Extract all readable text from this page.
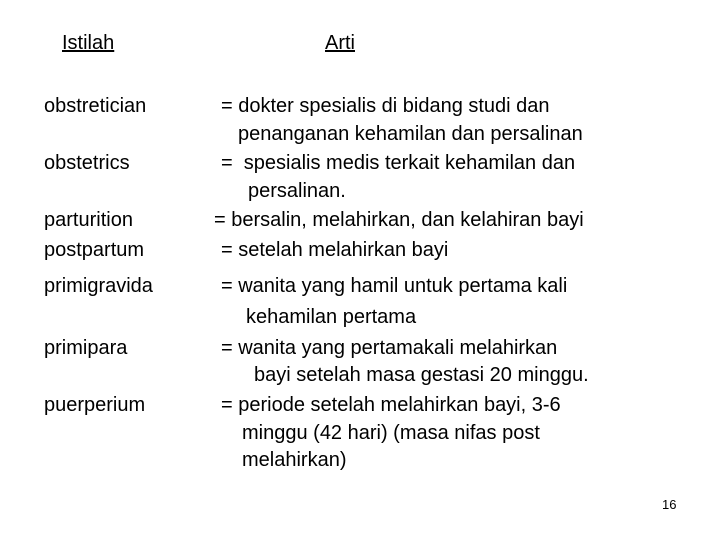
Istilah	Arti
obstretician	= dokter spesialis di bidang studi dan
penanganan kehamilan dan persalinan
obstetrics	=  spesialis medis terkait kehamilan dan
persalinan.
parturition	= bersalin, melahirkan, dan kelahiran bayi
postpartum	= setelah melahirkan bayi
primigravida	= wanita yang hamil untuk pertama kali
kehamilan pertama
primipara	= wanita yang pertamakali melahirkan
bayi setelah masa gestasi 20 minggu.
puerperium	= periode setelah melahirkan bayi, 3-6
minggu (42 hari) (masa nifas post
melahirkan)
16
